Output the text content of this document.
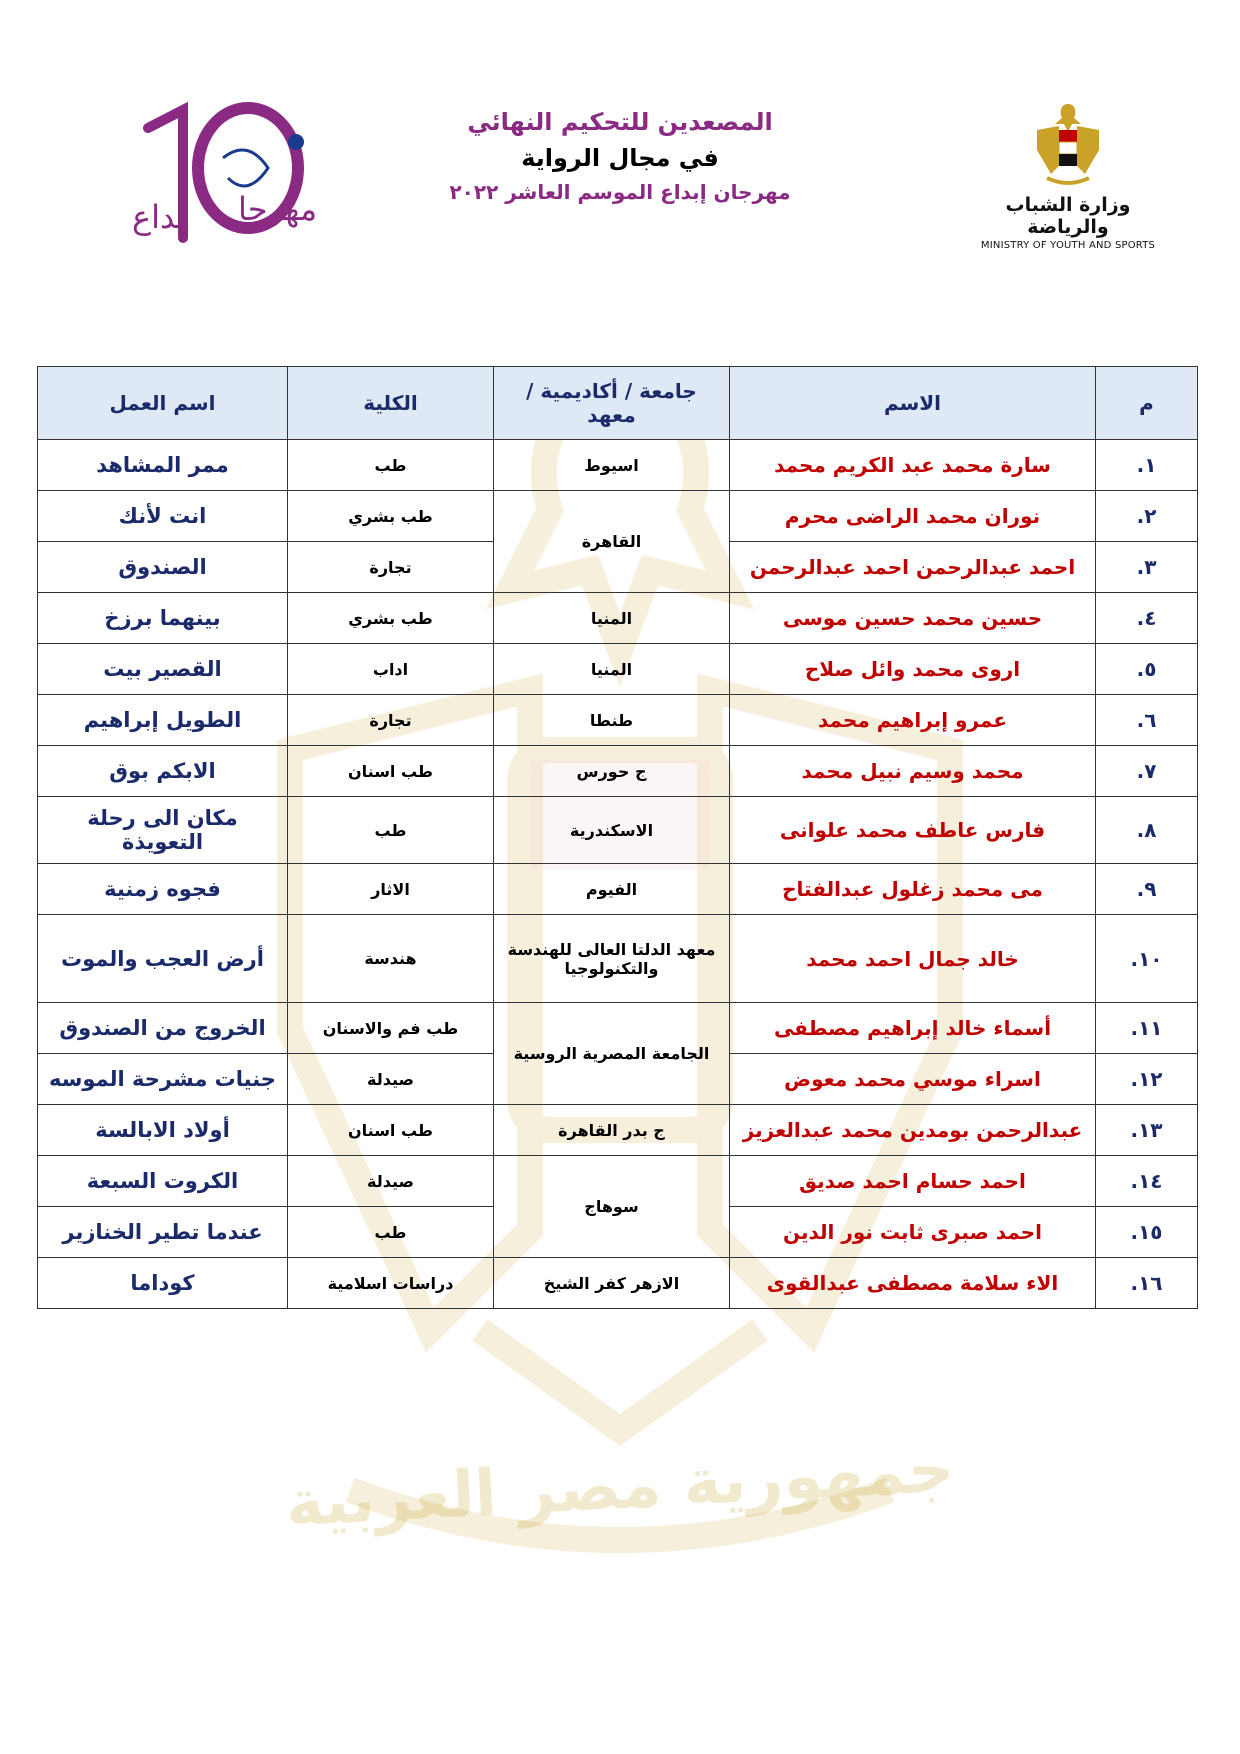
جمهورية مصر العربية
مهرجا
بداع
المصعدين للتحكيم النهائي
في مجال الرواية
مهرجان إبداع الموسم العاشر ٢٠٢٢
وزارة الشباب والرياضة
MINISTRY OF YOUTH AND SPORTS
م	الاسم	جامعة / أكاديمية / معهد	الكلية	اسم العمل
١.	سارة محمد عبد الكريم محمد	اسيوط	طب	ممر المشاهد
٢.	نوران محمد الراضى محرم	القاهرة	طب بشري	انت لأنك
٣.	احمد عبدالرحمن احمد عبدالرحمن		تجارة	الصندوق
٤.	حسين محمد حسين موسى	المنيا	طب بشري	بينهما برزخ
٥.	اروى محمد وائل صلاح	المنيا	اداب	القصير بيت
٦.	عمرو إبراهيم محمد	طنطا	تجارة	الطويل إبراهيم
٧.	محمد وسيم نبيل محمد	ج حورس	طب اسنان	الابكم بوق
٨.	فارس عاطف محمد علوانى	الاسكندرية	طب	مكان الى رحلة التعويذة
٩.	مى محمد زغلول عبدالفتاح	الفيوم	الاثار	فجوه زمنية
١٠.	خالد جمال احمد محمد	معهد الدلتا العالى للهندسة والتكنولوجيا	هندسة	أرض العجب والموت
١١.	أسماء خالد إبراهيم مصطفى	الجامعة المصرية الروسية	طب فم والاسنان	الخروج من الصندوق
١٢.	اسراء موسي محمد معوض		صيدلة	جنيات مشرحة الموسه
١٣.	عبدالرحمن بومدين محمد عبدالعزيز	ج بدر القاهرة	طب اسنان	أولاد الابالسة
١٤.	احمد حسام احمد صديق	سوهاج	صيدلة	الكروت السبعة
١٥.	احمد صبرى ثابت نور الدين		طب	عندما تطير الخنازير
١٦.	الاء سلامة مصطفى عبدالقوى	الازهر كفر الشيخ	دراسات اسلامية	كوداما
